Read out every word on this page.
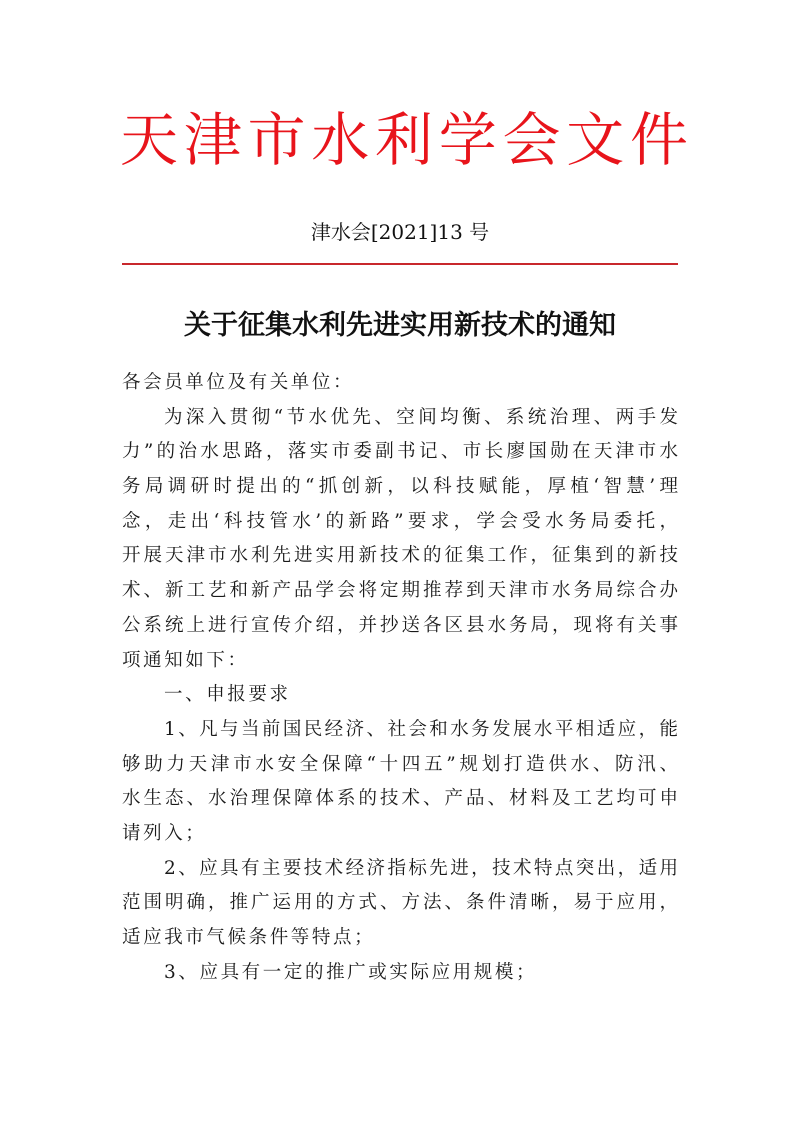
天 津 市 水 利 学 会 文 件
津水会[2021]13 号
关于征集水利先进实用新技术的通知
各会员单位及有关单位：
为深入贯彻“节水优先、空间均衡、系统治理、两手发
力”的治水思路，落实市委副书记、市长廖国勋在天津市水
务局调研时提出的“抓创新，以科技赋能，厚植‘智慧’理
念，走出‘科技管水’的新路”要求，学会受水务局委托，
开展天津市水利先进实用新技术的征集工作，征集到的新技
术、新工艺和新产品学会将定期推荐到天津市水务局综合办
公系统上进行宣传介绍，并抄送各区县水务局，现将有关事
项通知如下：
一、申报要求
1、凡与当前国民经济、社会和水务发展水平相适应，能
够助力天津市水安全保障“十四五”规划打造供水、防汛、
水生态、水治理保障体系的技术、产品、材料及工艺均可申
请列入；
2、应具有主要技术经济指标先进，技术特点突出，适用
范围明确，推广运用的方式、方法、条件清晰，易于应用，
适应我市气候条件等特点；
3、应具有一定的推广或实际应用规模；
